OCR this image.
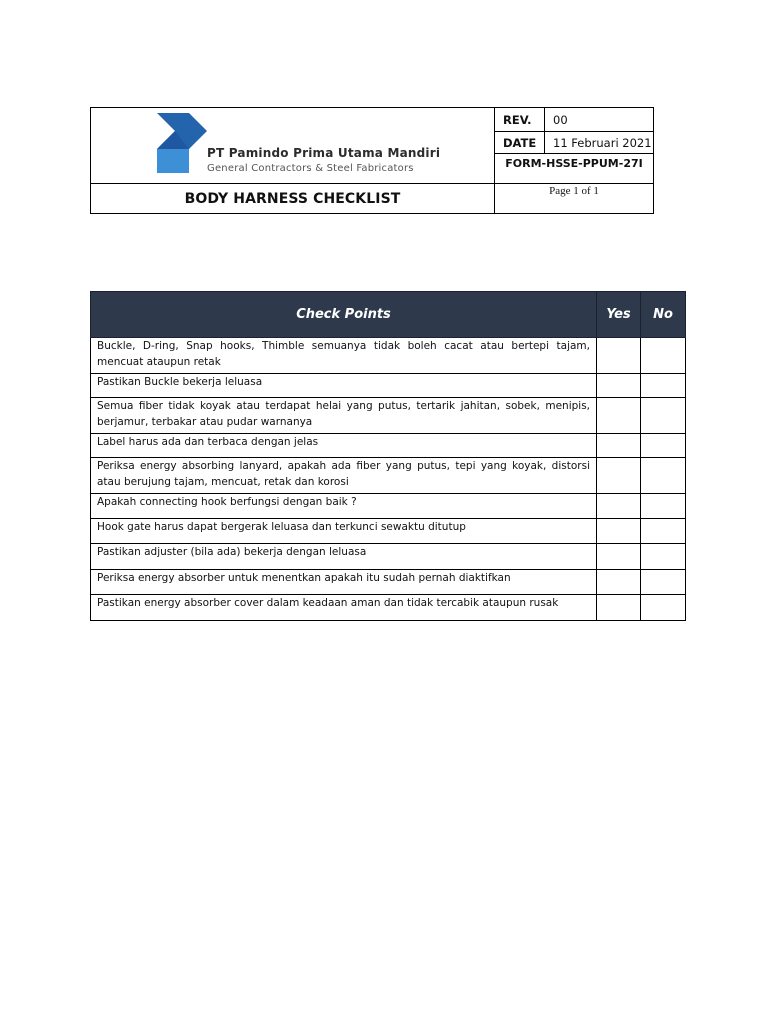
PT Pamindo Prima Utama Mandiri
General Contractors & Steel Fabricators
BODY HARNESS CHECKLIST
REV.	00
DATE	11 Februari 2021
FORM-HSSE-PPUM-27I
Page 1 of 1
Check Points	Yes	No
Buckle, D-ring, Snap hooks, Thimble semuanya tidak boleh cacat atau bertepi tajam, mencuat ataupun retak		
Pastikan Buckle bekerja leluasa		
Semua fiber tidak koyak atau terdapat helai yang putus, tertarik jahitan, sobek, menipis, berjamur, terbakar atau pudar warnanya		
Label harus ada dan terbaca dengan jelas		
Periksa energy absorbing lanyard, apakah ada fiber yang putus, tepi yang koyak, distorsi atau berujung tajam, mencuat, retak dan korosi		
Apakah connecting hook berfungsi dengan baik ?		
Hook gate harus dapat bergerak leluasa dan terkunci sewaktu ditutup		
Pastikan adjuster (bila ada) bekerja dengan leluasa		
Periksa energy absorber untuk menentkan apakah itu sudah pernah diaktifkan		
Pastikan energy absorber cover dalam keadaan aman dan tidak tercabik ataupun rusak		
